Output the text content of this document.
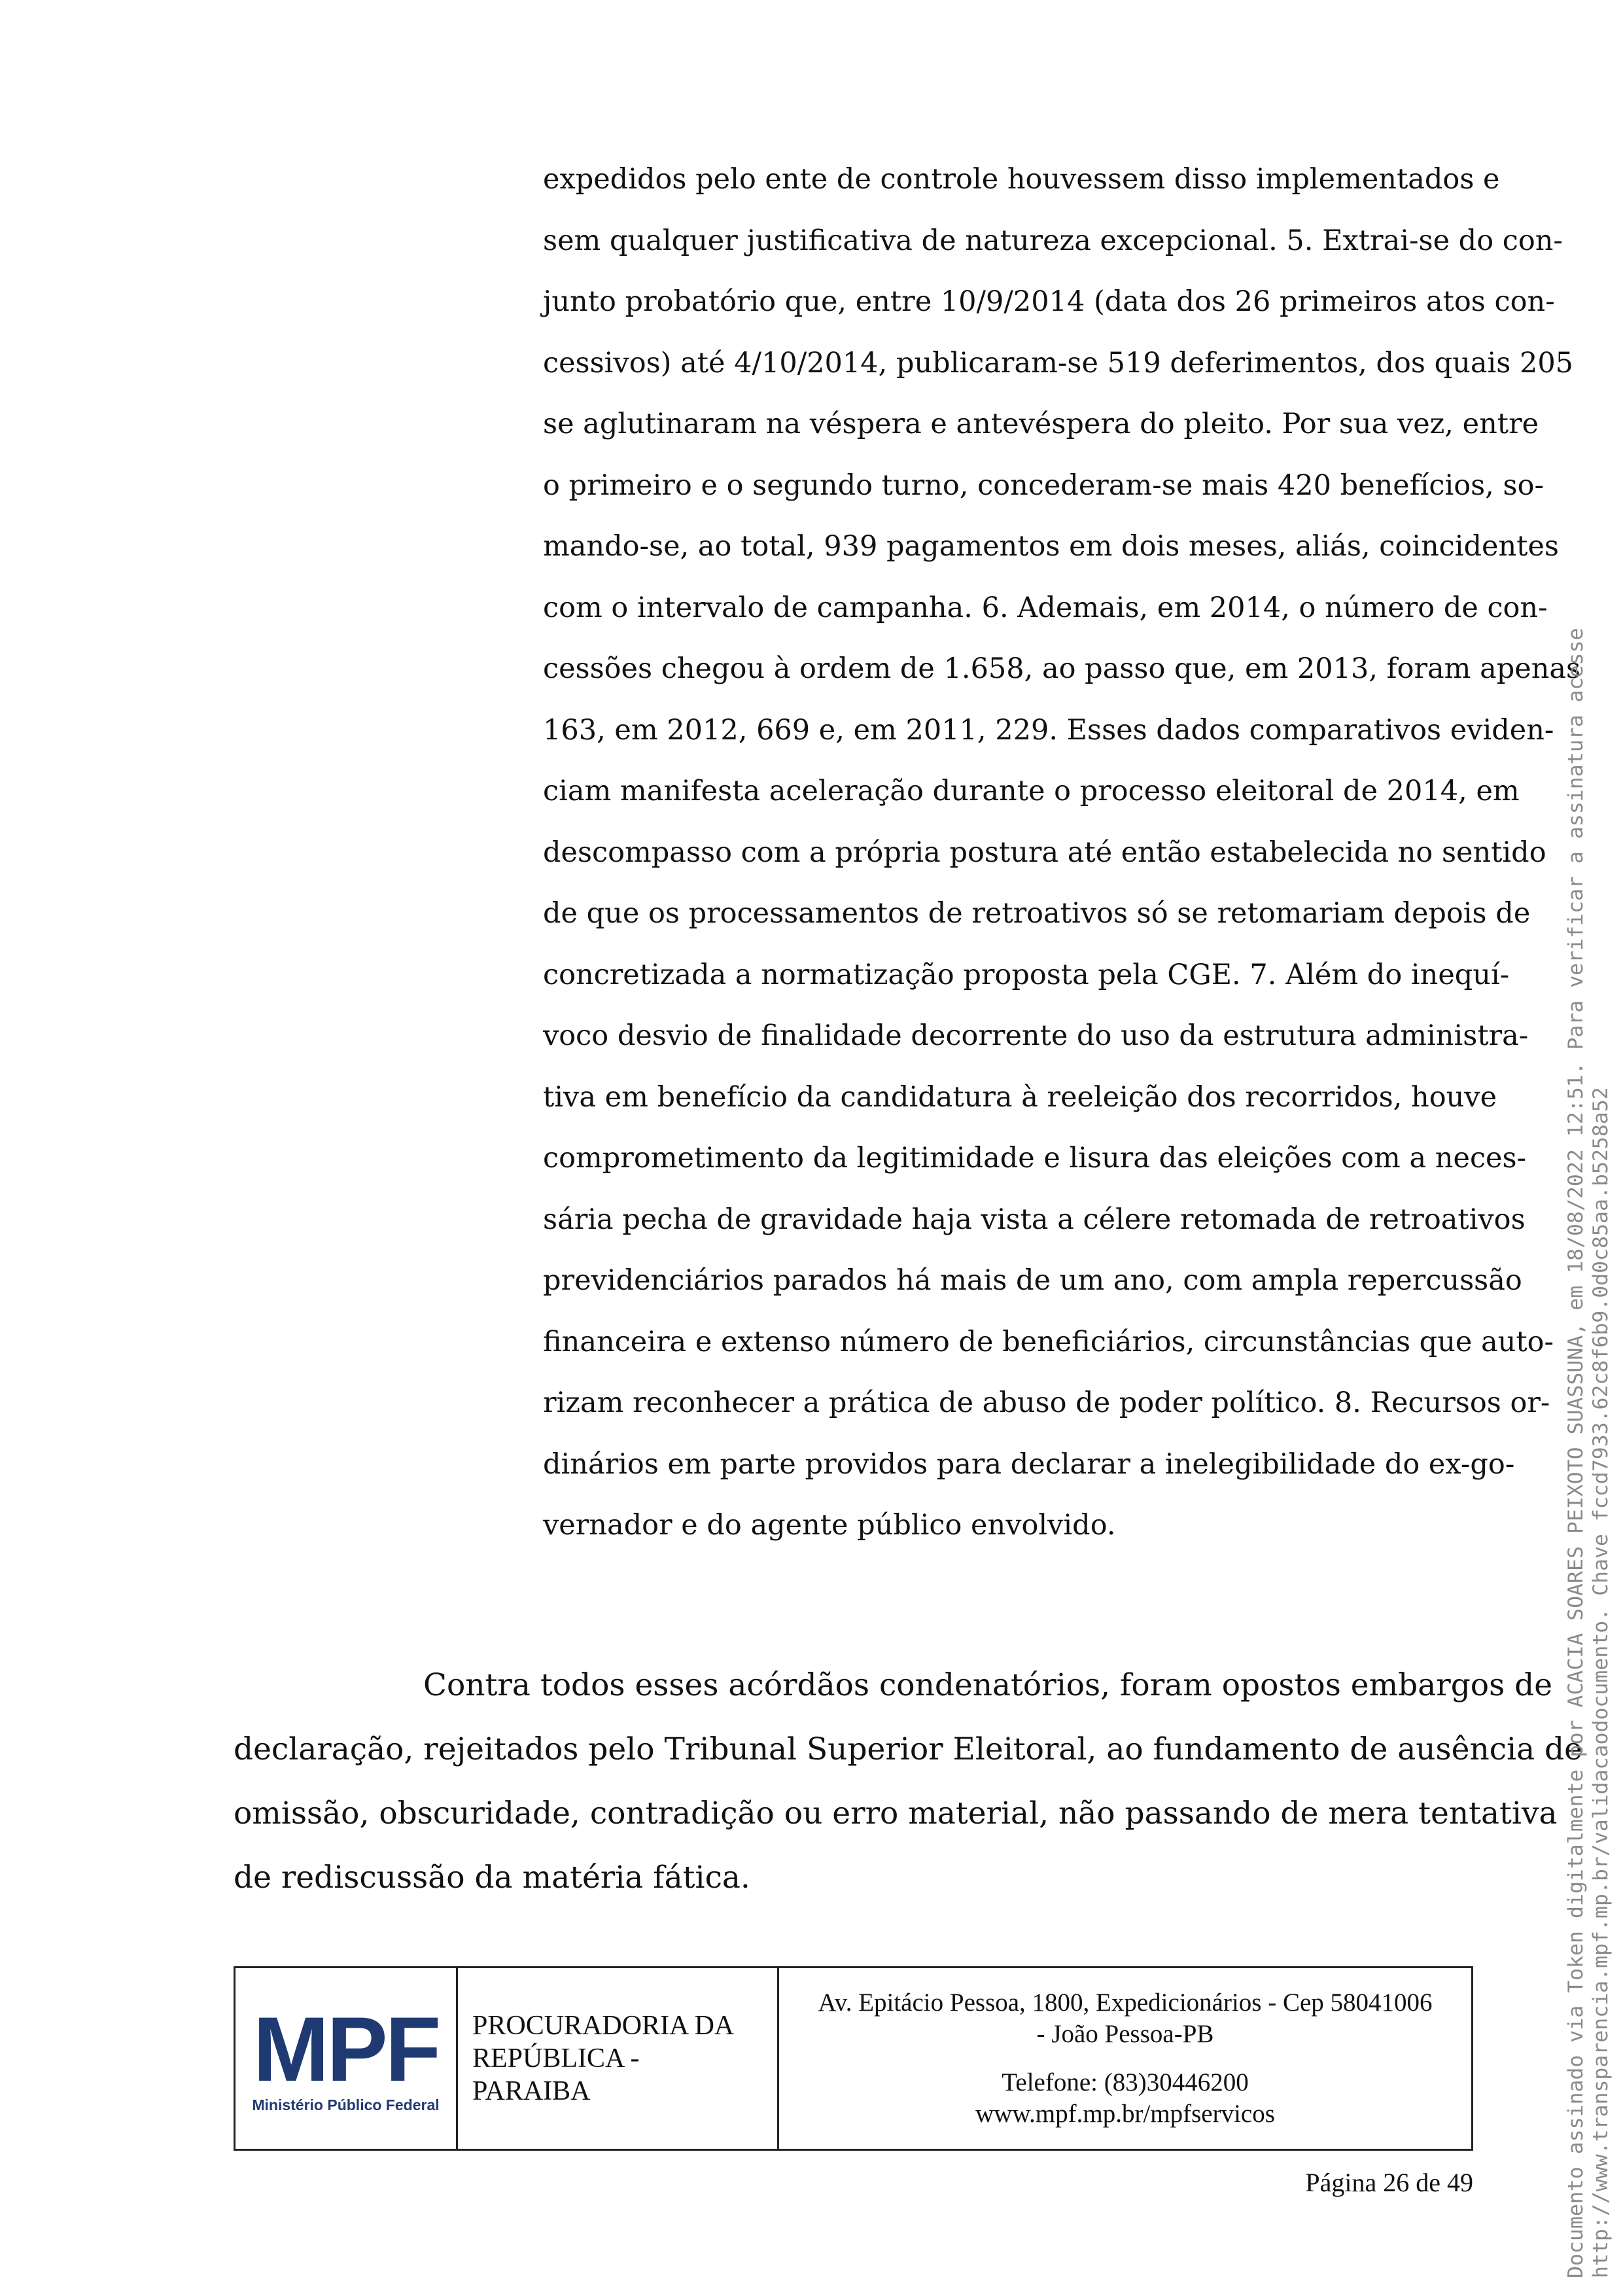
expedidos pelo ente de controle houvessem disso implementados e
sem qualquer justificativa de natureza excepcional. 5. Extrai-se do con-
junto probatório que, entre 10/9/2014 (data dos 26 primeiros atos con-
cessivos) até 4/10/2014, publicaram-se 519 deferimentos, dos quais 205
se aglutinaram na véspera e antevéspera do pleito. Por sua vez, entre
o primeiro e o segundo turno, concederam-se mais 420 benefícios, so-
mando-se, ao total, 939 pagamentos em dois meses, aliás, coincidentes
com o intervalo de campanha. 6. Ademais, em 2014, o número de con-
cessões chegou à ordem de 1.658, ao passo que, em 2013, foram apenas
163, em 2012, 669 e, em 2011, 229. Esses dados comparativos eviden-
ciam manifesta aceleração durante o processo eleitoral de 2014, em
descompasso com a própria postura até então estabelecida no sentido
de que os processamentos de retroativos só se retomariam depois de
concretizada a normatização proposta pela CGE. 7. Além do inequí-
voco desvio de finalidade decorrente do uso da estrutura administra-
tiva em benefício da candidatura à reeleição dos recorridos, houve
comprometimento da legitimidade e lisura das eleições com a neces-
sária pecha de gravidade haja vista a célere retomada de retroativos
previdenciários parados há mais de um ano, com ampla repercussão
financeira e extenso número de beneficiários, circunstâncias que auto-
rizam reconhecer a prática de abuso de poder político. 8. Recursos or-
dinários em parte providos para declarar a inelegibilidade do ex-go-
vernador e do agente público envolvido.
Contra todos esses acórdãos condenatórios, foram opostos embargos de
declaração, rejeitados pelo Tribunal Superior Eleitoral, ao fundamento de ausência de
omissão, obscuridade, contradição ou erro material, não passando de mera tentativa
de rediscussão da matéria fática.
MPF
Ministério Público Federal

PROCURADORIA DA
REPÚBLICA -
PARAIBA

Av. Epitácio Pessoa, 1800, Expedicionários - Cep 58041006
- João Pessoa-PB
Telefone: (83)30446200
www.mpf.mp.br/mpfservicos
Página 26 de 49	Documento assinado via Token digitalmente por ACACIA SOARES PEIXOTO SUASSUNA, em 18/08/2022 12:51. Para verificar a assinatura acesse http://www.transparencia.mpf.mp.br/validacaodocumento. Chave fccd7933.62c8f6b9.0d0c85aa.b5258a52
